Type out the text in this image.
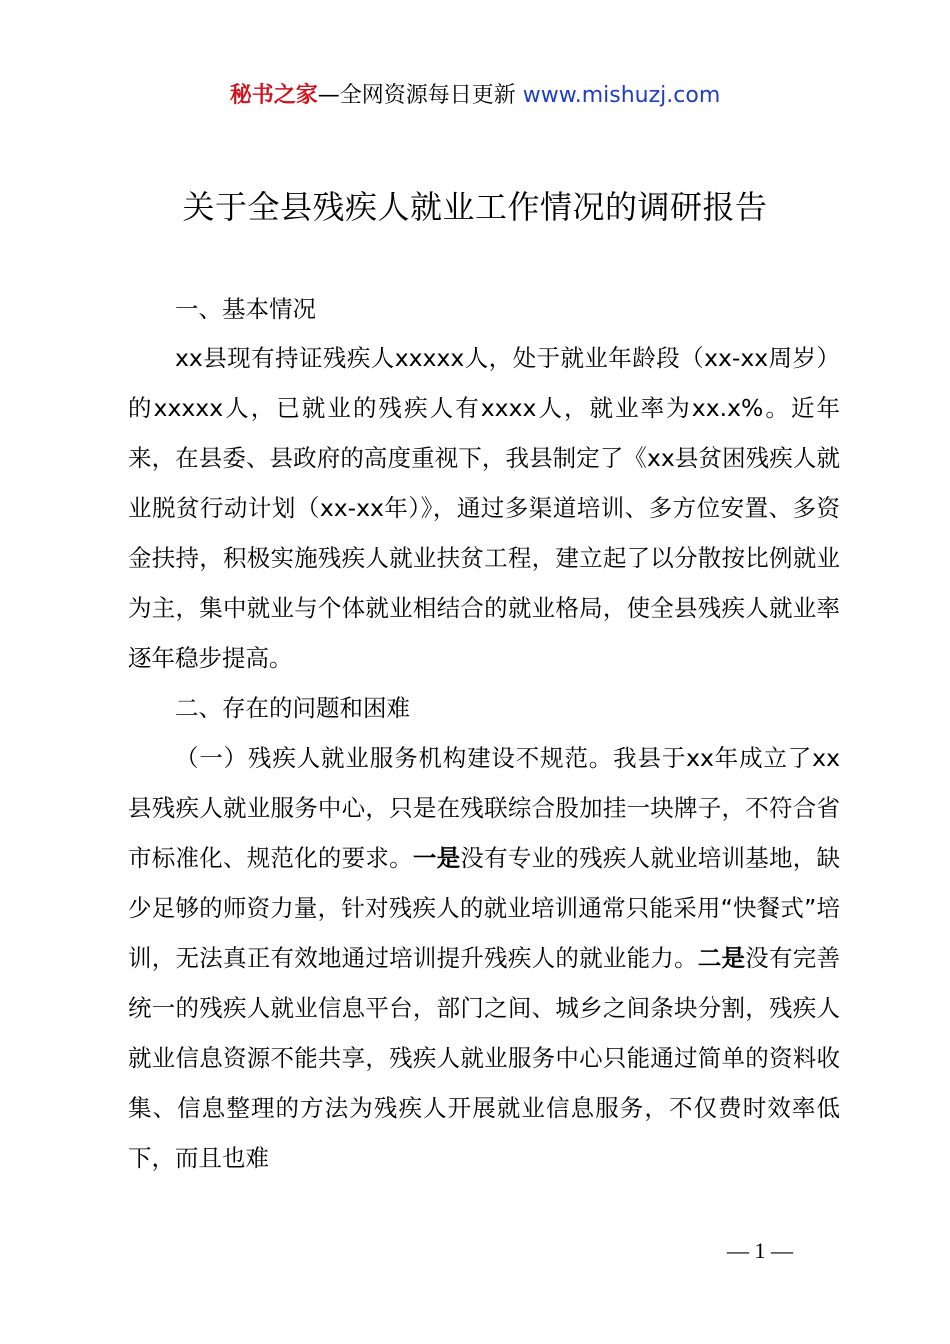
秘书之家—全网资源每日更新 www.mishuzj.com
关于全县残疾人就业工作情况的调研报告
一、基本情况
xx县现有持证残疾人xxxxx人，处于就业年龄段（xx-xx周岁）的xxxxx人，已就业的残疾人有xxxx人，就业率为xx.x%。近年来，在县委、县政府的高度重视下，我县制定了《xx县贫困残疾人就业脱贫行动计划（xx-xx年）》，通过多渠道培训、多方位安置、多资金扶持，积极实施残疾人就业扶贫工程，建立起了以分散按比例就业为主，集中就业与个体就业相结合的就业格局，使全县残疾人就业率逐年稳步提高。
二、存在的问题和困难
（一）残疾人就业服务机构建设不规范。我县于xx年成立了xx县残疾人就业服务中心，只是在残联综合股加挂一块牌子，不符合省市标准化、规范化的要求。一是没有专业的残疾人就业培训基地，缺少足够的师资力量，针对残疾人的就业培训通常只能采用“快餐式”培训，无法真正有效地通过培训提升残疾人的就业能力。二是没有完善统一的残疾人就业信息平台，部门之间、城乡之间条块分割，残疾人就业信息资源不能共享，残疾人就业服务中心只能通过简单的资料收集、信息整理的方法为残疾人开展就业信息服务，不仅费时效率低下，而且也难
— 1 —
